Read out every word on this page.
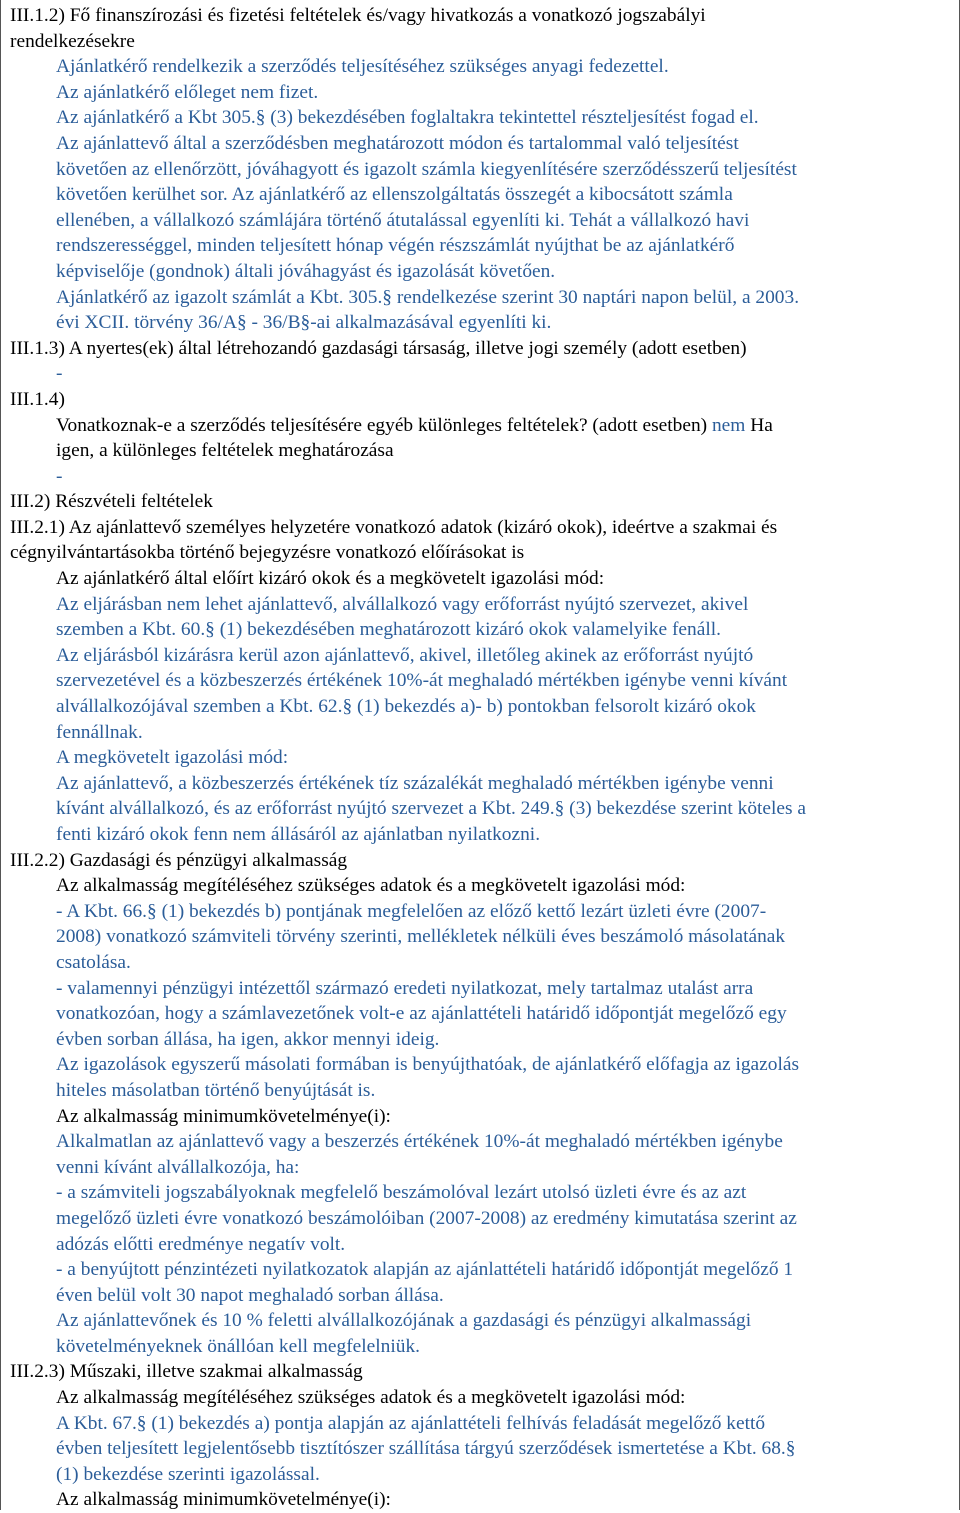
III.1.2) Fő finanszírozási és fizetési feltételek és/vagy hivatkozás a vonatkozó jogszabályi
rendelkezésekre
Ajánlatkérő rendelkezik a szerződés teljesítéséhez szükséges anyagi fedezettel.
Az ajánlatkérő előleget nem fizet.
Az ajánlatkérő a Kbt 305.§ (3) bekezdésében foglaltakra tekintettel részteljesítést fogad el.
Az ajánlattevő által a szerződésben meghatározott módon és tartalommal való teljesítést
követően az ellenőrzött, jóváhagyott és igazolt számla kiegyenlítésére szerződésszerű teljesítést
követően kerülhet sor. Az ajánlatkérő az ellenszolgáltatás összegét a kibocsátott számla
ellenében, a vállalkozó számlájára történő átutalással egyenlíti ki. Tehát a vállalkozó havi
rendszerességgel, minden teljesített hónap végén részszámlát nyújthat be az ajánlatkérő
képviselője (gondnok) általi jóváhagyást és igazolását követően.
Ajánlatkérő az igazolt számlát a Kbt. 305.§ rendelkezése szerint 30 naptári napon belül, a 2003.
évi XCII. törvény 36/A§ - 36/B§-ai alkalmazásával egyenlíti ki.
III.1.3) A nyertes(ek) által létrehozandó gazdasági társaság, illetve jogi személy (adott esetben)
-
III.1.4)
Vonatkoznak-e a szerződés teljesítésére egyéb különleges feltételek? (adott esetben) nem Ha
igen, a különleges feltételek meghatározása
-
III.2) Részvételi feltételek
III.2.1) Az ajánlattevő személyes helyzetére vonatkozó adatok (kizáró okok), ideértve a szakmai és
cégnyilvántartásokba történő bejegyzésre vonatkozó előírásokat is
Az ajánlatkérő által előírt kizáró okok és a megkövetelt igazolási mód:
Az eljárásban nem lehet ajánlattevő, alvállalkozó vagy erőforrást nyújtó szervezet, akivel
szemben a Kbt. 60.§ (1) bekezdésében meghatározott kizáró okok valamelyike fenáll.
Az eljárásból kizárásra kerül azon ajánlattevő, akivel, illetőleg akinek az erőforrást nyújtó
szervezetével és a közbeszerzés értékének 10%-át meghaladó mértékben igénybe venni kívánt
alvállalkozójával szemben a Kbt. 62.§ (1) bekezdés a)- b) pontokban felsorolt kizáró okok
fennállnak.
A megkövetelt igazolási mód:
Az ajánlattevő, a közbeszerzés értékének tíz százalékát meghaladó mértékben igénybe venni
kívánt alvállalkozó, és az erőforrást nyújtó szervezet a Kbt. 249.§ (3) bekezdése szerint köteles a
fenti kizáró okok fenn nem állásáról az ajánlatban nyilatkozni.
III.2.2) Gazdasági és pénzügyi alkalmasság
Az alkalmasság megítéléséhez szükséges adatok és a megkövetelt igazolási mód:
- A Kbt. 66.§ (1) bekezdés b) pontjának megfelelően az előző kettő lezárt üzleti évre (2007-
2008) vonatkozó számviteli törvény szerinti, mellékletek nélküli éves beszámoló másolatának
csatolása.
- valamennyi pénzügyi intézettől származó eredeti nyilatkozat, mely tartalmaz utalást arra
vonatkozóan, hogy a számlavezetőnek volt-e az ajánlattételi határidő időpontját megelőző egy
évben sorban állása, ha igen, akkor mennyi ideig.
Az igazolások egyszerű másolati formában is benyújthatóak, de ajánlatkérő előfagja az igazolás
hiteles másolatban történő benyújtását is.
Az alkalmasság minimumkövetelménye(i):
Alkalmatlan az ajánlattevő vagy a beszerzés értékének 10%-át meghaladó mértékben igénybe
venni kívánt alvállalkozója, ha:
- a számviteli jogszabályoknak megfelelő beszámolóval lezárt utolsó üzleti évre és az azt
megelőző üzleti évre vonatkozó beszámolóiban (2007-2008) az eredmény kimutatása szerint az
adózás előtti eredménye negatív volt.
- a benyújtott pénzintézeti nyilatkozatok alapján az ajánlattételi határidő időpontját megelőző 1
éven belül volt 30 napot meghaladó sorban állása.
Az ajánlattevőnek és 10 % feletti alvállalkozójának a gazdasági és pénzügyi alkalmassági
követelményeknek önállóan kell megfelelniük.
III.2.3) Műszaki, illetve szakmai alkalmasság
Az alkalmasság megítéléséhez szükséges adatok és a megkövetelt igazolási mód:
A Kbt. 67.§ (1) bekezdés a) pontja alapján az ajánlattételi felhívás feladását megelőző kettő
évben teljesített legjelentősebb tisztítószer szállítása tárgyú szerződések ismertetése a Kbt. 68.§
(1) bekezdése szerinti igazolással.
Az alkalmasság minimumkövetelménye(i):
